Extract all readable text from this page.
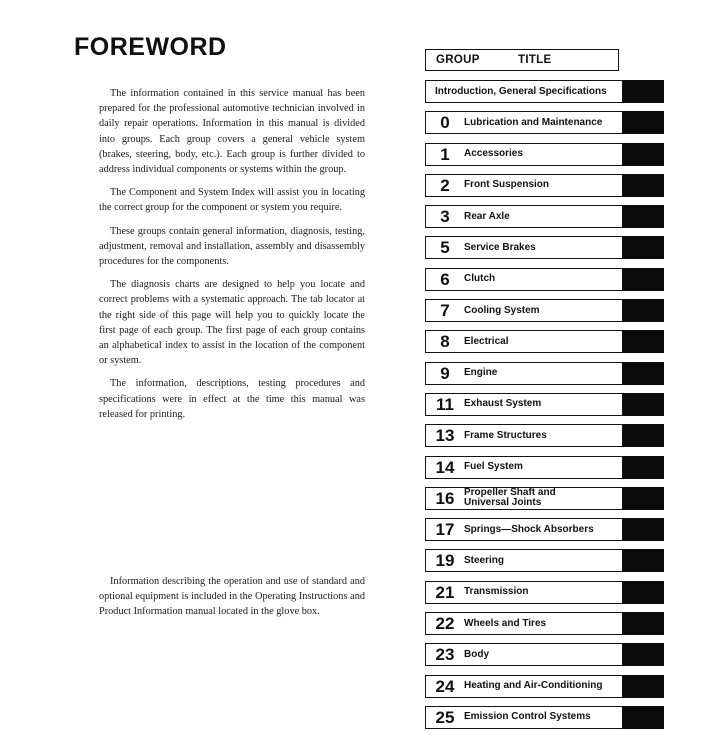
FOREWORD

The information contained in this service manual has been prepared for the professional automotive technician involved in daily repair operations. Information in this manual is divided into groups. Each group covers a general vehicle system (brakes, steering, body, etc.). Each group is further divided to address individual components or systems within the group.

The Component and System Index will assist you in locating the correct group for the component or system you require.

These groups contain general information, diagnosis, testing, adjustment, removal and installation, assembly and disassembly procedures for the components.

The diagnosis charts are designed to help you locate and correct problems with a systematic approach. The tab locator at the right side of this page will help you to quickly locate the first page of each group. The first page of each group contains an alphabetical index to assist in the location of the component or system.

The information, descriptions, testing procedures and specifications were in effect at the time this manual was released for printing.

Information describing the operation and use of standard and optional equipment is included in the Operating Instructions and Product Information manual located in the glove box.

GROUP	TITLE
Introduction, General Specifications
0	Lubrication and Maintenance
1	Accessories
2	Front Suspension
3	Rear Axle
5	Service Brakes
6	Clutch
7	Cooling System
8	Electrical
9	Engine
11	Exhaust System
13 Frame Structures
14 Fuel System
16 Propeller Shaft and
Universal Joints
17 Springs—Shock Absorbers
19 Steering
21 Transmission
22 Wheels and Tires
23 Body
24 Heating and Air-Conditioning
25 Emission Control Systems
